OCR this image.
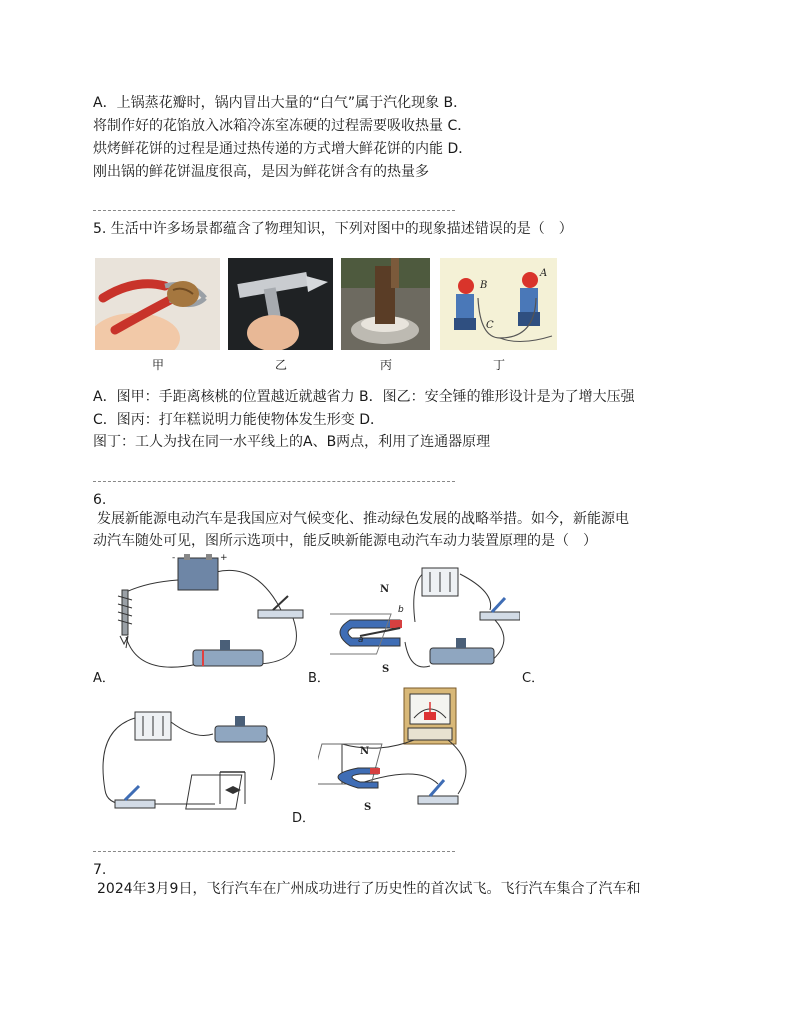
A．上锅蒸花瓣时，锅内冒出大量的“白气”属于汽化现象 B．
将制作好的花馅放入冰箱冷冻室冻硬的过程需要吸收热量 C．
烘烤鲜花饼的过程是通过热传递的方式增大鲜花饼的内能 D．
刚出锅的鲜花饼温度很高，是因为鲜花饼含有的热量多
5. 生活中许多场景都蕴含了物理知识，下列对图中的现象描述错误的是（　）
B
A
C
甲	乙	丙	丁
A．图甲：手距离核桃的位置越近就越省力 B．图乙：安全锤的锥形设计是为了增大压强
C．图丙：打年糕说明力能使物体发生形变 D．
图丁：工人为找在同一水平线上的A、B两点，利用了连通器原理
6.
发展新能源电动汽车是我国应对气候变化、推动绿色发展的战略举措。如今，新能源电
动汽车随处可见，图所示选项中，能反映新能源电动汽车动力装置原理的是（　）
-	+
A．
N
S
b
a
B．	C．
N
S
D．
7.
2024年3月9日，飞行汽车在广州成功进行了历史性的首次试飞。飞行汽车集合了汽车和
